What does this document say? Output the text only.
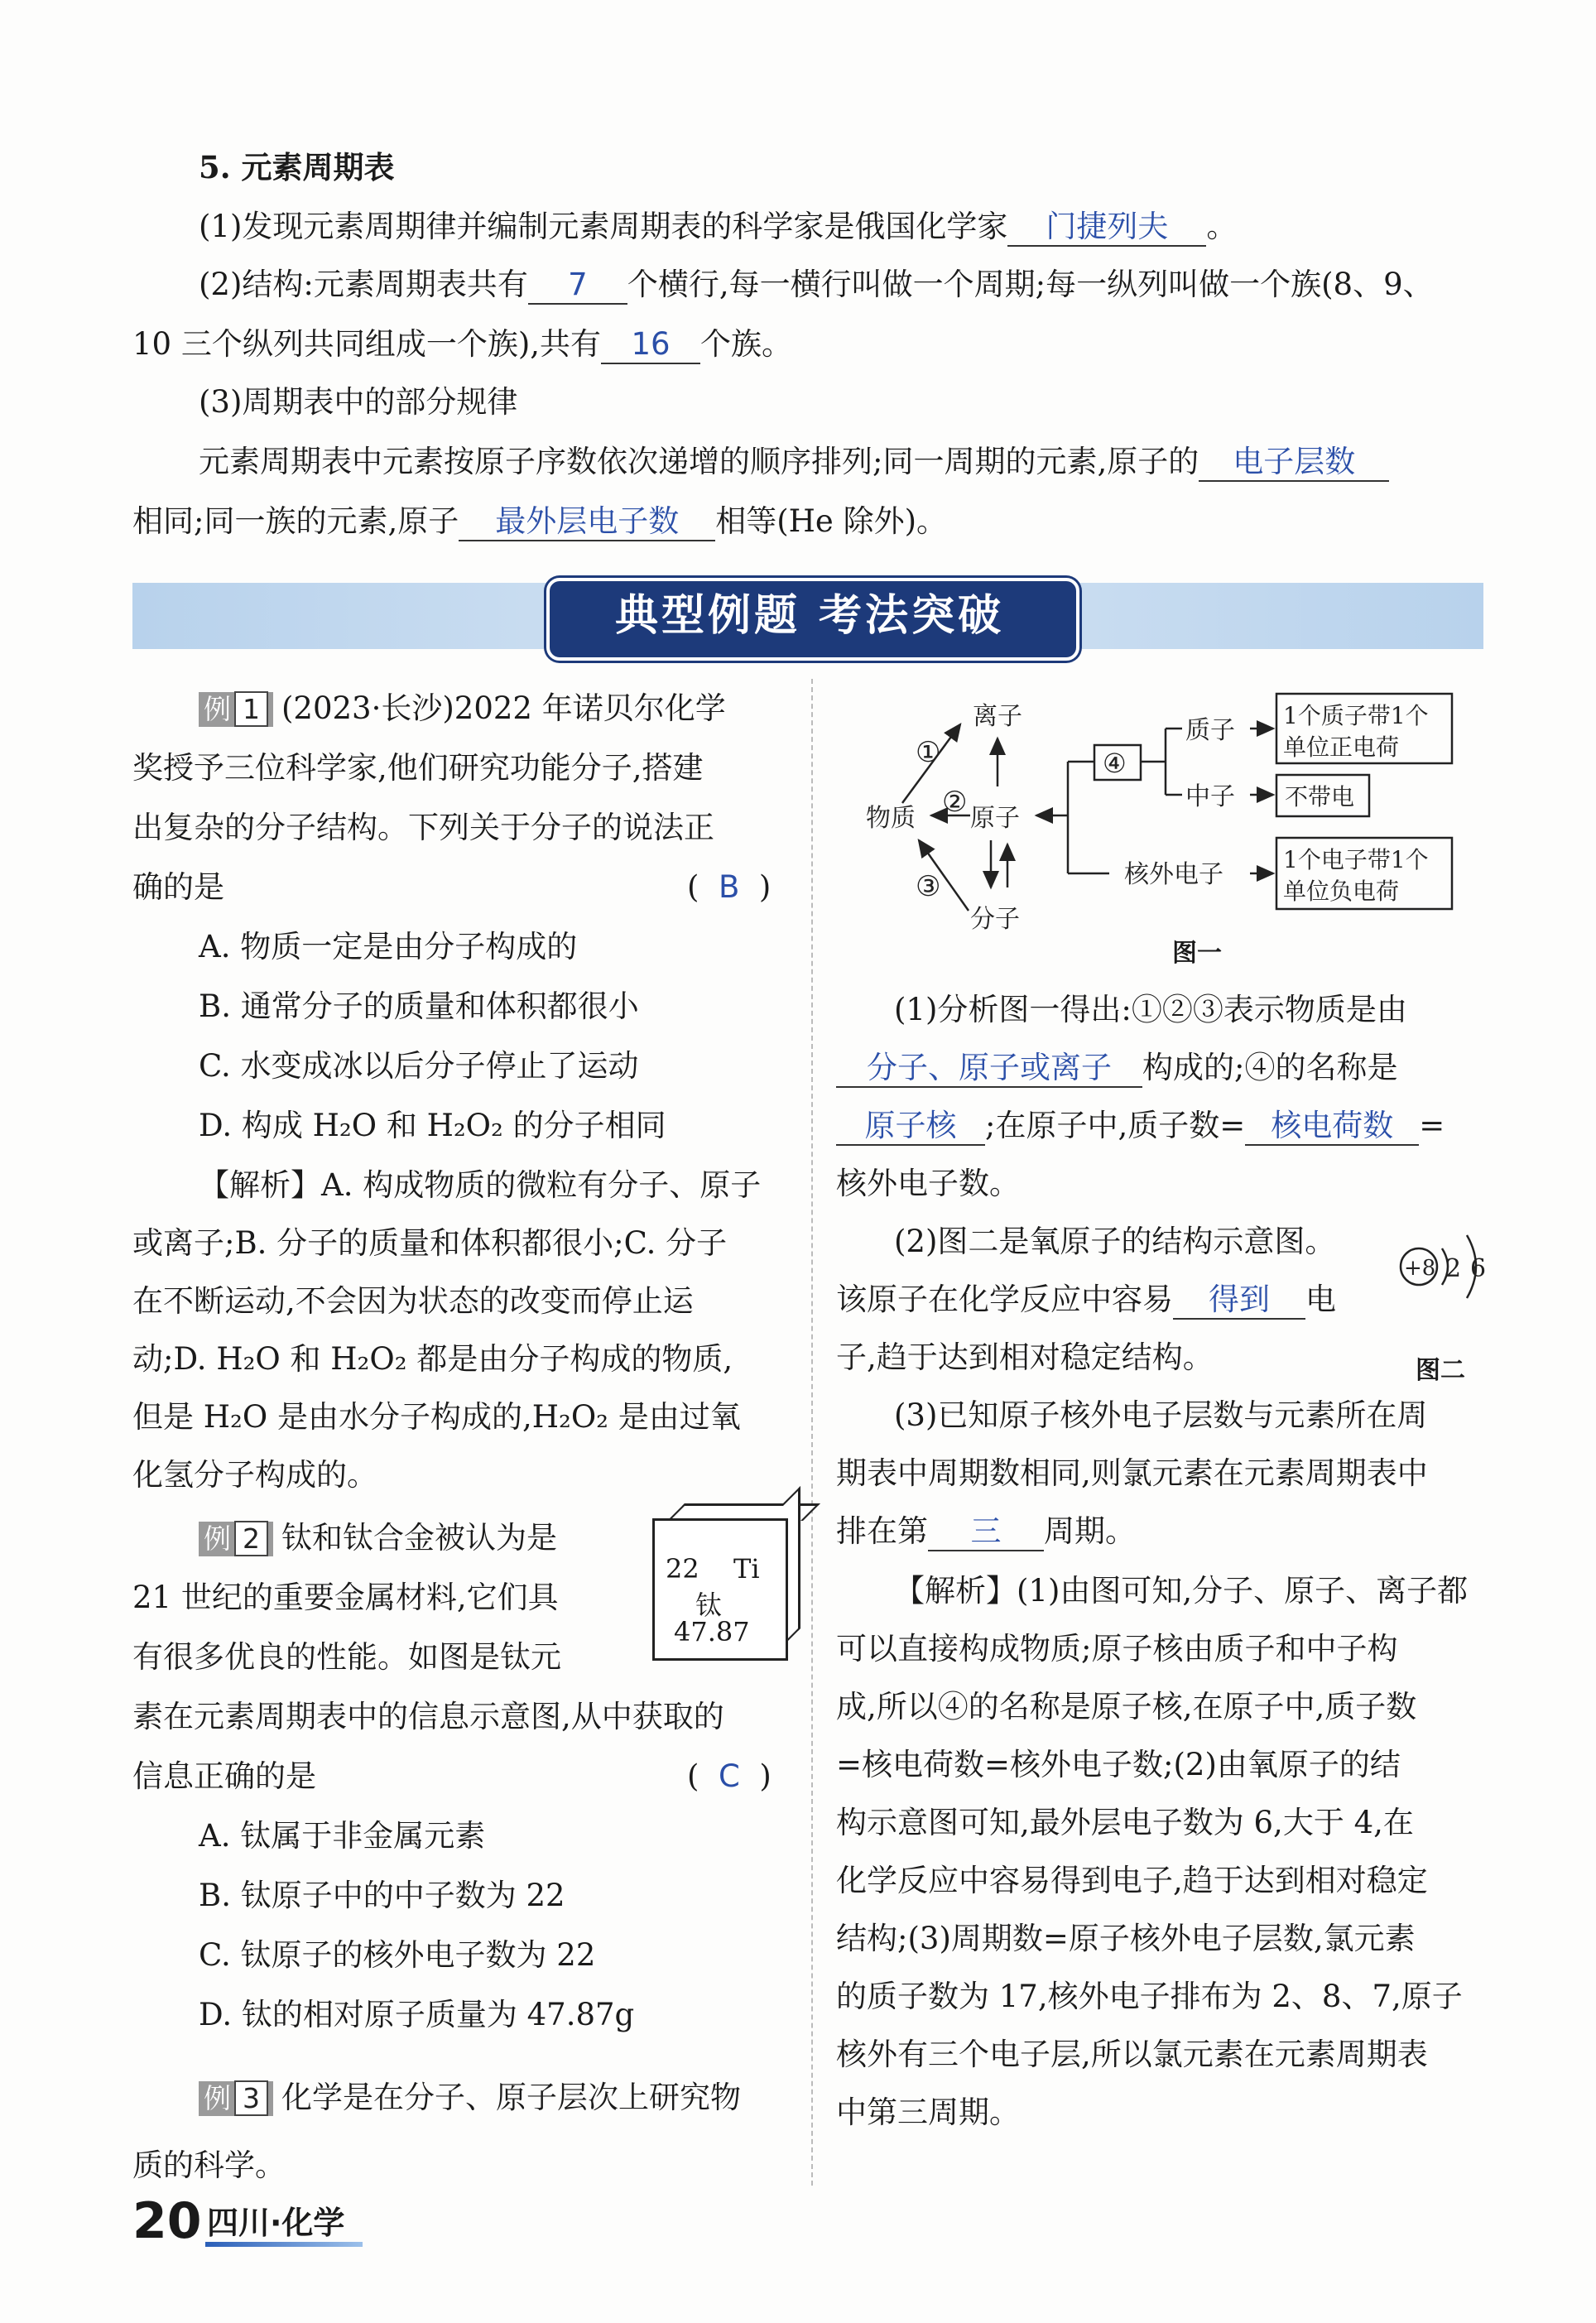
5. 元素周期表
(1)发现元素周期律并编制元素周期表的科学家是俄国化学家 门捷列夫 。
(2)结构:元素周期表共有 7 个横行,每一横行叫做一个周期;每一纵列叫做一个族(8、9、
10 三个纵列共同组成一个族),共有 16 个族。
(3)周期表中的部分规律
元素周期表中元素按原子序数依次递增的顺序排列;同一周期的元素,原子的 电子层数
相同;同一族的元素,原子 最外层电子数 相等(He 除外)。
典型例题 考法突破
例 1 (2023·长沙)2022 年诺贝尔化学
奖授予三位科学家,他们研究功能分子,搭建
出复杂的分子结构。下列关于分子的说法正
确的是	( B )
A. 物质一定是由分子构成的
B. 通常分子的质量和体积都很小
C. 水变成冰以后分子停止了运动
D. 构成 H₂O 和 H₂O₂ 的分子相同
【解析】A. 构成物质的微粒有分子、原子
或离子;B. 分子的质量和体积都很小;C. 分子
在不断运动,不会因为状态的改变而停止运
动;D. H₂O 和 H₂O₂ 都是由分子构成的物质,
但是 H₂O 是由水分子构成的,H₂O₂ 是由过氧
化氢分子构成的。
例 2 钛和钛合金被认为是
21 世纪的重要金属材料,它们具
有很多优良的性能。如图是钛元
素在元素周期表中的信息示意图,从中获取的
信息正确的是	( C )
22 Ti
钛
47.87
A. 钛属于非金属元素
B. 钛原子中的中子数为 22
C. 钛原子的核外电子数为 22
D. 钛的相对原子质量为 47.87g
例 3 化学是在分子、原子层次上研究物
质的科学。
离子
物质 原子
分子
①
②
③
④
质子
中子
核外电子
1个质子带1个
单位正电荷
不带电
1个电子带1个
单位负电荷
图一
(1)分析图一得出:①②③表示物质是由
分子、原子或离子 构成的;④的名称是
原子核 ;在原子中,质子数= 核电荷数 =
核外电子数。
(2)图二是氧原子的结构示意图。
该原子在化学反应中容易 得到 电
子,趋于达到相对稳定结构。
+8 2 6
图二
(3)已知原子核外电子层数与元素所在周
期表中周期数相同,则氯元素在元素周期表中
排在第 三 周期。
【解析】(1)由图可知,分子、原子、离子都
可以直接构成物质;原子核由质子和中子构
成,所以④的名称是原子核,在原子中,质子数
=核电荷数=核外电子数;(2)由氧原子的结
构示意图可知,最外层电子数为 6,大于 4,在
化学反应中容易得到电子,趋于达到相对稳定
结构;(3)周期数=原子核外电子层数,氯元素
的质子数为 17,核外电子排布为 2、8、7,原子
核外有三个电子层,所以氯元素在元素周期表
中第三周期。
20 四川·化学
